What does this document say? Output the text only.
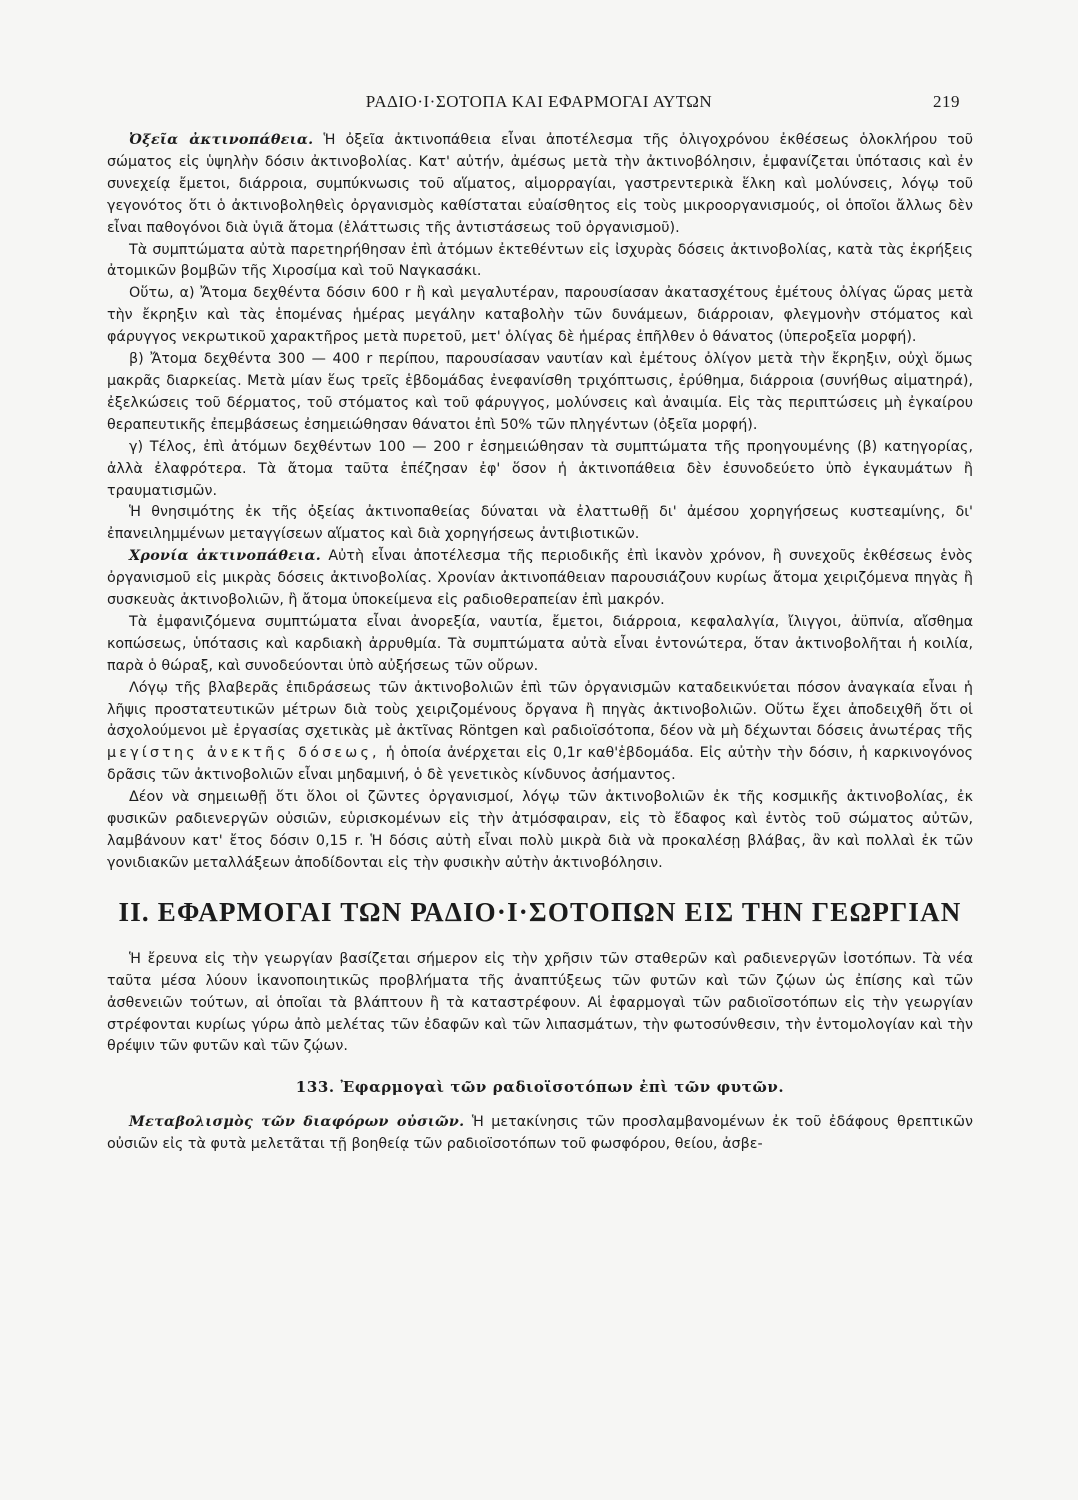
ΡΑΔΙΟ·Ι·ΣΟΤΟΠΑ ΚΑΙ ΕΦΑΡΜΟΓΑΙ ΑΥΤΩΝ	219

Ὀξεῖα ἀκτινοπάθεια. Ἡ ὀξεῖα ἀκτινοπάθεια εἶναι ἀποτέλεσμα τῆς ὀλιγοχρόνου ἐκθέσεως ὁλοκλήρου τοῦ σώματος εἰς ὑψηλὴν δόσιν ἀκτινοβολίας. Κατ' αὐτήν, ἀμέσως μετὰ τὴν ἀκτινοβόλησιν, ἐμφανίζεται ὑπότασις καὶ ἐν συνεχείᾳ ἔμετοι, διάρροια, συμπύκνωσις τοῦ αἵματος, αἱμορραγίαι, γαστρεντερικὰ ἕλκη καὶ μολύνσεις, λόγῳ τοῦ γεγονότος ὅτι ὁ ἀκτινοβοληθεὶς ὀργανισμὸς καθίσταται εὐαίσθητος εἰς τοὺς μικροοργανισμούς, οἱ ὁποῖοι ἄλλως δὲν εἶναι παθογόνοι διὰ ὑγιᾶ ἄτομα (ἐλάττωσις τῆς ἀντιστάσεως τοῦ ὀργανισμοῦ).

Τὰ συμπτώματα αὐτὰ παρετηρήθησαν ἐπὶ ἀτόμων ἐκτεθέντων εἰς ἰσχυρὰς δόσεις ἀκτινοβολίας, κατὰ τὰς ἐκρήξεις ἀτομικῶν βομβῶν τῆς Χιροσίμα καὶ τοῦ Ναγκασάκι.

Οὕτω, α) Ἄτομα δεχθέντα δόσιν 600 r ἢ καὶ μεγαλυτέραν, παρουσίασαν ἀκατασχέτους ἐμέτους ὀλίγας ὥρας μετὰ τὴν ἔκρηξιν καὶ τὰς ἑπομένας ἡμέρας μεγάλην καταβολὴν τῶν δυνάμεων, διάρροιαν, φλεγμονὴν στόματος καὶ φάρυγγος νεκρωτικοῦ χαρακτῆρος μετὰ πυρετοῦ, μετ' ὀλίγας δὲ ἡμέρας ἐπῆλθεν ὁ θάνατος (ὑπεροξεῖα μορφή).

β) Ἄτομα δεχθέντα 300 — 400 r περίπου, παρουσίασαν ναυτίαν καὶ ἐμέτους ὀλίγον μετὰ τὴν ἔκρηξιν, οὐχὶ ὅμως μακρᾶς διαρκείας. Μετὰ μίαν ἕως τρεῖς ἑβδομάδας ἐνεφανίσθη τριχόπτωσις, ἐρύθημα, διάρροια (συνήθως αἱματηρά), ἐξελκώσεις τοῦ δέρματος, τοῦ στόματος καὶ τοῦ φάρυγγος, μολύνσεις καὶ ἀναιμία. Εἰς τὰς περιπτώσεις μὴ ἐγκαίρου θεραπευτικῆς ἐπεμβάσεως ἐσημειώθησαν θάνατοι ἐπὶ 50% τῶν πληγέντων (ὀξεῖα μορφή).

γ) Τέλος, ἐπὶ ἀτόμων δεχθέντων 100 — 200 r ἐσημειώθησαν τὰ συμπτώματα τῆς προηγουμένης (β) κατηγορίας, ἀλλὰ ἐλαφρότερα. Τὰ ἄτομα ταῦτα ἐπέζησαν ἐφ' ὅσον ἡ ἀκτινοπάθεια δὲν ἐσυνοδεύετο ὑπὸ ἐγκαυμάτων ἢ τραυματισμῶν.

Ἡ θνησιμότης ἐκ τῆς ὀξείας ἀκτινοπαθείας δύναται νὰ ἐλαττωθῇ δι' ἀμέσου χορηγήσεως κυστεαμίνης, δι' ἐπανειλημμένων μεταγγίσεων αἵματος καὶ διὰ χορηγήσεως ἀντιβιοτικῶν.

Χρονία ἀκτινοπάθεια. Αὐτὴ εἶναι ἀποτέλεσμα τῆς περιοδικῆς ἐπὶ ἱκανὸν χρόνον, ἢ συνεχοῦς ἐκθέσεως ἑνὸς ὀργανισμοῦ εἰς μικρὰς δόσεις ἀκτινοβολίας. Χρονίαν ἀκτινοπάθειαν παρουσιάζουν κυρίως ἄτομα χειριζόμενα πηγὰς ἢ συσκευὰς ἀκτινοβολιῶν, ἢ ἄτομα ὑποκείμενα εἰς ραδιοθεραπείαν ἐπὶ μακρόν.

Τὰ ἐμφανιζόμενα συμπτώματα εἶναι ἀνορεξία, ναυτία, ἔμετοι, διάρροια, κεφαλαλγία, ἴλιγγοι, ἀϋπνία, αἴσθημα κοπώσεως, ὑπότασις καὶ καρδιακὴ ἀρρυθμία. Τὰ συμπτώματα αὐτὰ εἶναι ἐντονώτερα, ὅταν ἀκτινοβολῆται ἡ κοιλία, παρὰ ὁ θώραξ, καὶ συνοδεύονται ὑπὸ αὐξήσεως τῶν οὔρων.

Λόγῳ τῆς βλαβερᾶς ἐπιδράσεως τῶν ἀκτινοβολιῶν ἐπὶ τῶν ὀργανισμῶν καταδεικνύεται πόσον ἀναγκαία εἶναι ἡ λῆψις προστατευτικῶν μέτρων διὰ τοὺς χειριζομένους ὄργανα ἢ πηγὰς ἀκτινοβολιῶν. Οὕτω ἔχει ἀποδειχθῆ ὅτι οἱ ἀσχολούμενοι μὲ ἐργασίας σχετικὰς μὲ ἀκτῖνας Röntgen καὶ ραδιοϊσότοπα, δέον νὰ μὴ δέχωνται δόσεις ἀνωτέρας τῆς μεγίστης ἀνεκτῆς δόσεως, ἡ ὁποία ἀνέρχεται εἰς 0,1r καθ'ἑβδομάδα. Εἰς αὐτὴν τὴν δόσιν, ἡ καρκινογόνος δρᾶσις τῶν ἀκτινοβολιῶν εἶναι μηδαμινή, ὁ δὲ γενετικὸς κίνδυνος ἀσήμαντος.

Δέον νὰ σημειωθῇ ὅτι ὅλοι οἱ ζῶντες ὀργανισμοί, λόγῳ τῶν ἀκτινοβολιῶν ἐκ τῆς κοσμικῆς ἀκτινοβολίας, ἐκ φυσικῶν ραδιενεργῶν οὐσιῶν, εὑρισκομένων εἰς τὴν ἀτμόσφαιραν, εἰς τὸ ἔδαφος καὶ ἐντὸς τοῦ σώματος αὐτῶν, λαμβάνουν κατ' ἔτος δόσιν 0,15 r. Ἡ δόσις αὐτὴ εἶναι πολὺ μικρὰ διὰ νὰ προκαλέσῃ βλάβας, ἂν καὶ πολλαὶ ἐκ τῶν γονιδιακῶν μεταλλάξεων ἀποδίδονται εἰς τὴν φυσικὴν αὐτὴν ἀκτινοβόλησιν.

ΙΙ. ΕΦΑΡΜΟΓΑΙ ΤΩΝ ΡΑΔΙΟ·Ι·ΣΟΤΟΠΩΝ ΕΙΣ ΤΗΝ ΓΕΩΡΓΙΑΝ

Ἡ ἔρευνα εἰς τὴν γεωργίαν βασίζεται σήμερον εἰς τὴν χρῆσιν τῶν σταθερῶν καὶ ραδιενεργῶν ἰσοτόπων. Τὰ νέα ταῦτα μέσα λύουν ἱκανοποιητικῶς προβλήματα τῆς ἀναπτύξεως τῶν φυτῶν καὶ τῶν ζῴων ὡς ἐπίσης καὶ τῶν ἀσθενειῶν τούτων, αἱ ὁποῖαι τὰ βλάπτουν ἢ τὰ καταστρέφουν. Αἱ ἐφαρμογαὶ τῶν ραδιοϊσοτόπων εἰς τὴν γεωργίαν στρέφονται κυρίως γύρω ἀπὸ μελέτας τῶν ἐδαφῶν καὶ τῶν λιπασμάτων, τὴν φωτοσύνθεσιν, τὴν ἐντομολογίαν καὶ τὴν θρέψιν τῶν φυτῶν καὶ τῶν ζῴων.

133. Ἐφαρμογαὶ τῶν ραδιοϊσοτόπων ἐπὶ τῶν φυτῶν.

Μεταβολισμὸς τῶν διαφόρων οὐσιῶν. Ἡ μετακίνησις τῶν προσλαμβανομένων ἐκ τοῦ ἐδάφους θρεπτικῶν οὐσιῶν εἰς τὰ φυτὰ μελετᾶται τῇ βοηθείᾳ τῶν ραδιοϊσοτόπων τοῦ φωσφόρου, θείου, ἀσβε-
